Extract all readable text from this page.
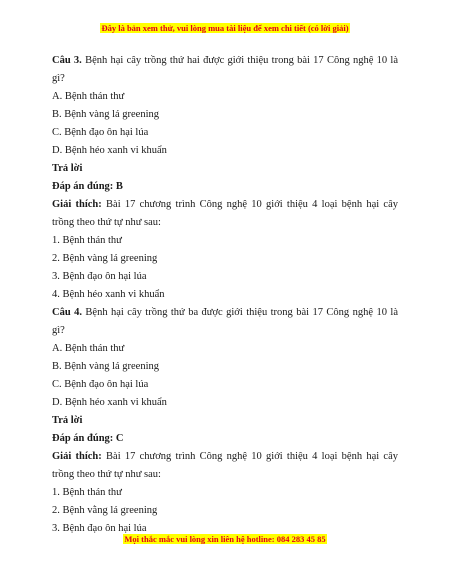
Đây là bản xem thử, vui lòng mua tài liệu để xem chi tiết (có lời giải)

Câu 3. Bệnh hại cây trồng thứ hai được giới thiệu trong bài 17 Công nghệ 10 là gì?

A. Bệnh thán thư

B. Bệnh vàng lá greening

C. Bệnh đạo ôn hại lúa

D. Bệnh héo xanh vi khuẩn

Trả lời

Đáp án đúng: B

Giải thích: Bài 17 chương trình Công nghệ 10 giới thiệu 4 loại bệnh hại cây trồng theo thứ tự như sau:

1. Bệnh thán thư

2. Bệnh vàng lá greening

3. Bệnh đạo ôn hại lúa

4. Bệnh héo xanh vi khuẩn

Câu 4. Bệnh hại cây trồng thứ ba được giới thiệu trong bài 17 Công nghệ 10 là gì?

A. Bệnh thán thư

B. Bệnh vàng lá greening

C. Bệnh đạo ôn hại lúa

D. Bệnh héo xanh vi khuẩn

Trả lời

Đáp án đúng: C

Giải thích: Bài 17 chương trình Công nghệ 10 giới thiệu 4 loại bệnh hại cây trồng theo thứ tự như sau:

1. Bệnh thán thư

2. Bệnh vằng lá greening

3. Bệnh đạo ôn hại lúa

Mọi thắc mắc vui lòng xin liên hệ hotline: 084 283 45 85
